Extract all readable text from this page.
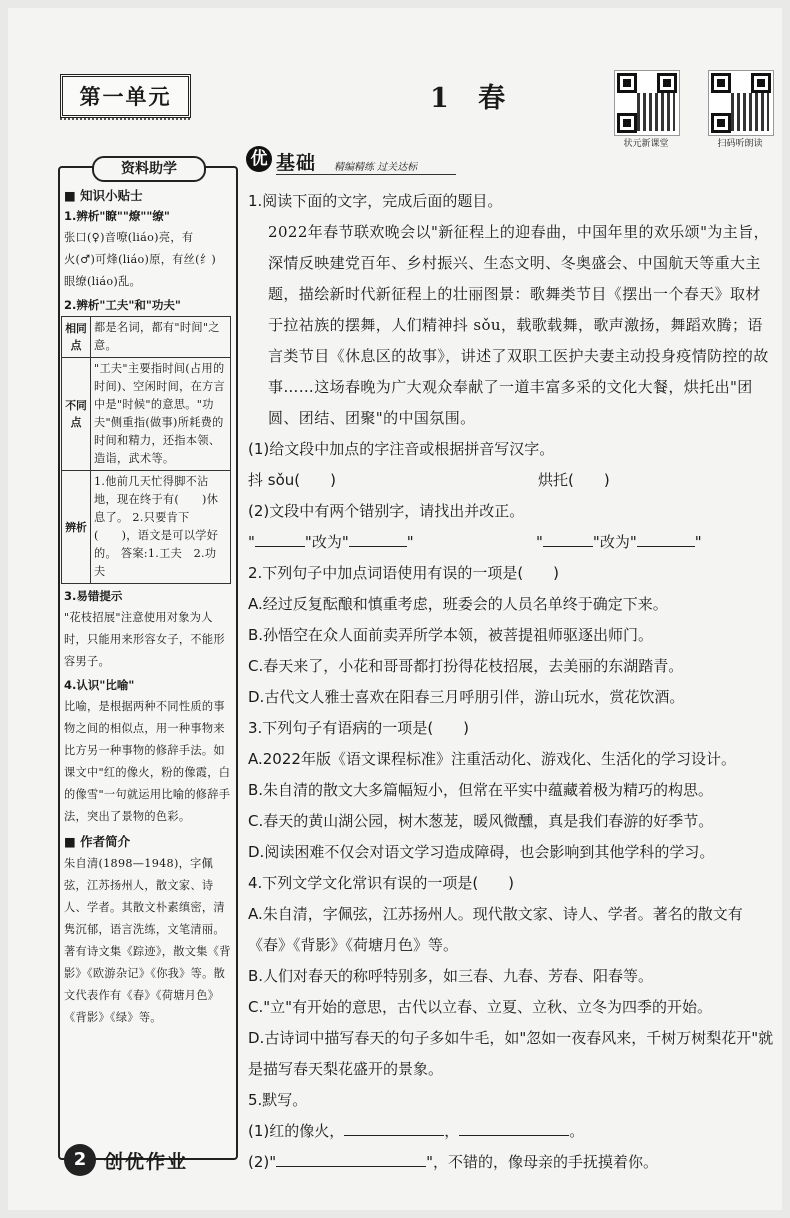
第一单元	1 春
状元新课堂	扫码听朗读
资料助学
■ 知识小贴士
1.辨析"瞭""燎""缭"

张口(♀)音嘹(liáo)亮，有

火(♂)可烽(liáo)原，有丝(纟)

眼缭(liáo)乱。

2.辨析"工夫"和"功夫"
相同点	都是名词，都有"时间"之意。
不同点	"工夫"主要指时间(占用的时间)、空闲时间，在方言中是"时候"的意思。"功夫"侧重指(做事)所耗费的时间和精力，还指本领、造诣，武术等。
辨析	1.他前几天忙得脚不沾地，现在终于有(　　)休息了。 2.只要肯下(　　)，语文是可以学好的。 答案:1.工夫　2.功夫
3.易错提示
"花枝招展"注意使用对象为人时，只能用来形容女子，不能形容男子。
4.认识"比喻"
比喻，是根据两种不同性质的事物之间的相似点，用一种事物来比方另一种事物的修辞手法。如课文中"红的像火，粉的像霞，白的像雪"一句就运用比喻的修辞手法，突出了景物的色彩。
■ 作者简介
朱自清(1898—1948)，字佩弦，江苏扬州人，散文家、诗人、学者。其散文朴素缜密，清隽沉郁，语言洗练，文笔清丽。著有诗文集《踪迹》，散文集《背影》《欧游杂记》《你我》等。散文代表作有《春》《荷塘月色》《背影》《绿》等。
优 基础 精编精练 过关达标
1.阅读下面的文字，完成后面的题目。
2022年春节联欢晚会以"新征程上的迎春曲，中国年里的欢乐颂"为主旨，深情反映建党百年、乡村振兴、生态文明、冬奥盛会、中国航天等重大主题，描绘新时代新征程上的壮丽图景：歌舞类节目《摆出一个春天》取材于拉祜族的摆舞，人们精神抖 sǒu，载歌载舞，歌声激扬，舞蹈欢腾；语言类节目《休息区的故事》，讲述了双职工医护夫妻主动投身疫情防控的故事……这场春晚为广大观众奉献了一道丰富多采的文化大餐，烘托出"团圆、团结、团聚"的中国氛围。
(1)给文段中加点的字注音或根据拼音写汉字。
抖 sǒu(　　)	烘托(　　)
(2)文段中有两个错别字，请找出并改正。
"	"改为"	"	"	"改为"	"
2.下列句子中加点词语使用有误的一项是(　　)
A.经过反复酝酿和慎重考虑，班委会的人员名单终于确定下来。
B.孙悟空在众人面前卖弄所学本领，被菩提祖师驱逐出师门。
C.春天来了，小花和哥哥都打扮得花枝招展，去美丽的东湖踏青。
D.古代文人雅士喜欢在阳春三月呼朋引伴，游山玩水，赏花饮酒。
3.下列句子有语病的一项是(　　)
A.2022年版《语文课程标准》注重活动化、游戏化、生活化的学习设计。
B.朱自清的散文大多篇幅短小，但常在平实中蕴藏着极为精巧的构思。
C.春天的黄山湖公园，树木葱茏，暖风微醺，真是我们春游的好季节。
D.阅读困难不仅会对语文学习造成障碍，也会影响到其他学科的学习。
4.下列文学文化常识有误的一项是(　　)
A.朱自清，字佩弦，江苏扬州人。现代散文家、诗人、学者。著名的散文有《春》《背影》《荷塘月色》等。
B.人们对春天的称呼特别多，如三春、九春、芳春、阳春等。
C."立"有开始的意思，古代以立春、立夏、立秋、立冬为四季的开始。
D.古诗词中描写春天的句子多如牛毛，如"忽如一夜春风来，千树万树梨花开"就是描写春天梨花盛开的景象。
5.默写。
(1)红的像火，	，	。
(2)"	"，不错的，像母亲的手抚摸着你。
2 创优作业
